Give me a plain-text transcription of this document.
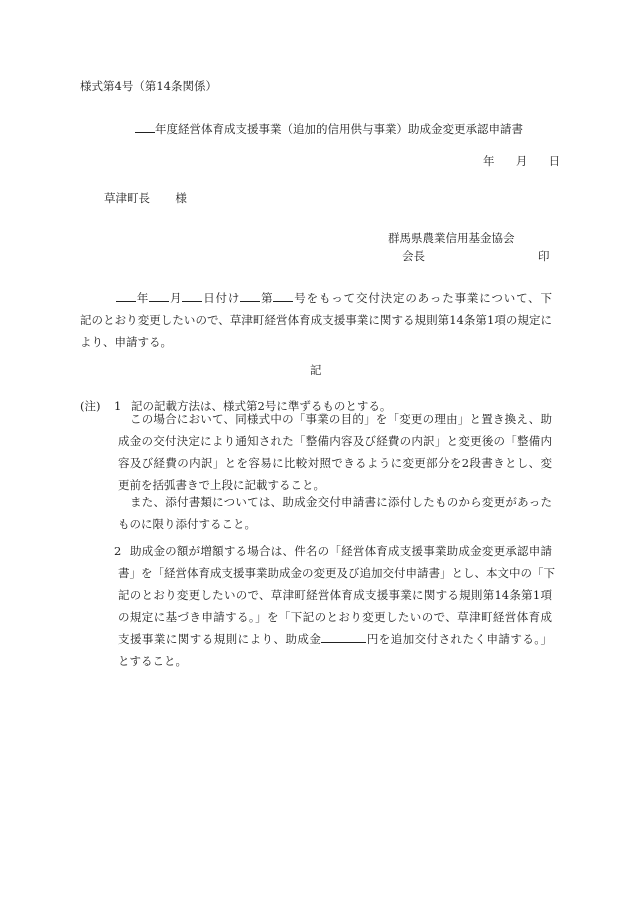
様式第4号（第14条関係）
年度経営体育成支援事業（追加的信用供与事業）助成金変更承認申請書
年 月 日
草津町長 様
群馬県農業信用基金協会
会長	印
年 月 日付け 第 号をもって交付決定のあった事業について、下
記のとおり変更したいので、草津町経営体育成支援事業に関する規則第14条第1項の規定に
より、申請する。
記
(注) 1 記の記載方法は、様式第2号に準ずるものとする。
この場合において、同様式中の「事業の目的」を「変更の理由」と置き換え、助
成金の交付決定により通知された「整備内容及び経費の内訳」と変更後の「整備内
容及び経費の内訳」とを容易に比較対照できるように変更部分を2段書きとし、変
更前を括弧書きで上段に記載すること。
また、添付書類については、助成金交付申請書に添付したものから変更があった
ものに限り添付すること。
2 助成金の額が増額する場合は、件名の「経営体育成支援事業助成金変更承認申請
書」を「経営体育成支援事業助成金の変更及び追加交付申請書」とし、本文中の「下
記のとおり変更したいので、草津町経営体育成支援事業に関する規則第14条第1項
の規定に基づき申請する。」を「下記のとおり変更したいので、草津町経営体育成
支援事業に関する規則により、助成金	円を追加交付されたく申請する。」
とすること。
